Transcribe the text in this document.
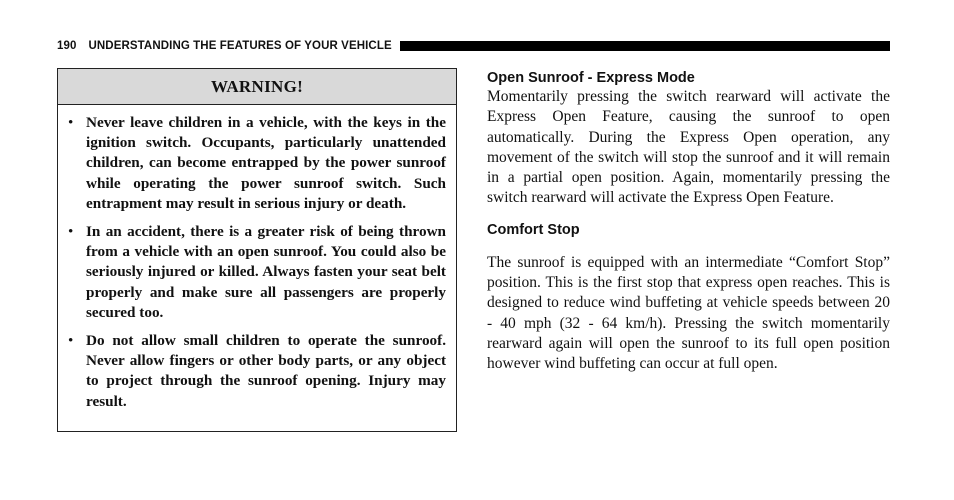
190 UNDERSTANDING THE FEATURES OF YOUR VEHICLE
WARNING!
• Never leave children in a vehicle, with the keys in the ignition switch. Occupants, particularly unattended children, can become entrapped by the power sunroof while operating the power sunroof switch. Such entrapment may result in serious injury or death.
• In an accident, there is a greater risk of being thrown from a vehicle with an open sunroof. You could also be seriously injured or killed. Always fasten your seat belt properly and make sure all passengers are properly secured too.
• Do not allow small children to operate the sunroof. Never allow fingers or other body parts, or any object to project through the sunroof opening. Injury may result.
Open Sunroof - Express Mode

Momentarily pressing the switch rearward will activate the Express Open Feature, causing the sunroof to open automatically. During the Express Open operation, any movement of the switch will stop the sunroof and it will remain in a partial open position. Again, momentarily pressing the switch rearward will activate the Express Open Feature.

Comfort Stop

The sunroof is equipped with an intermediate “Comfort Stop” position. This is the first stop that express open reaches. This is designed to reduce wind buffeting at vehicle speeds between 20 - 40 mph (32 - 64 km/h). Pressing the switch momentarily rearward again will open the sunroof to its full open position however wind buffeting can occur at full open.
